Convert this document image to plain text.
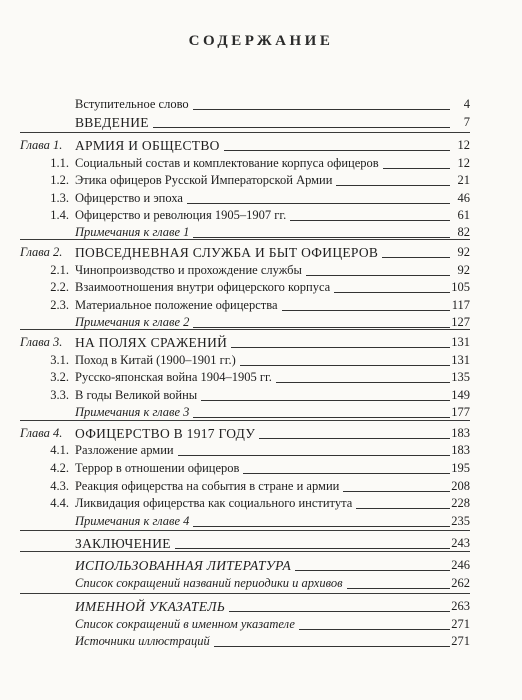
СОДЕРЖАНИЕ
Вступительное слово	4
ВВЕДЕНИЕ	7
Глава 1. АРМИЯ И ОБЩЕСТВО	12
1.1. Социальный состав и комплектование корпуса офицеров	12
1.2. Этика офицеров Русской Императорской Армии	21
1.3. Офицерство и эпоха	46
1.4. Офицерство и революция 1905–1907 гг.	61
Примечания к главе 1	82
Глава 2. ПОВСЕДНЕВНАЯ СЛУЖБА И БЫТ ОФИЦЕРОВ	92
2.1. Чинопроизводство и прохождение службы	92
2.2. Взаимоотношения внутри офицерского корпуса	105
2.3. Материальное положение офицерства	117
Примечания к главе 2	127
Глава 3. НА ПОЛЯХ СРАЖЕНИЙ	131
3.1. Поход в Китай (1900–1901 гг.)	131
3.2. Русско-японская война 1904–1905 гг.	135
3.3. В годы Великой войны	149
Примечания к главе 3	177
Глава 4. ОФИЦЕРСТВО В 1917 ГОДУ	183
4.1. Разложение армии	183
4.2. Террор в отношении офицеров	195
4.3. Реакция офицерства на события в стране и армии	208
4.4. Ликвидация офицерства как социального института	228
Примечания к главе 4	235
ЗАКЛЮЧЕНИЕ	243
ИСПОЛЬЗОВАННАЯ ЛИТЕРАТУРА	246
Список сокращений названий периодики и архивов	262
ИМЕННОЙ УКАЗАТЕЛЬ	263
Список сокращений в именном указателе	271
Источники иллюстраций	271
